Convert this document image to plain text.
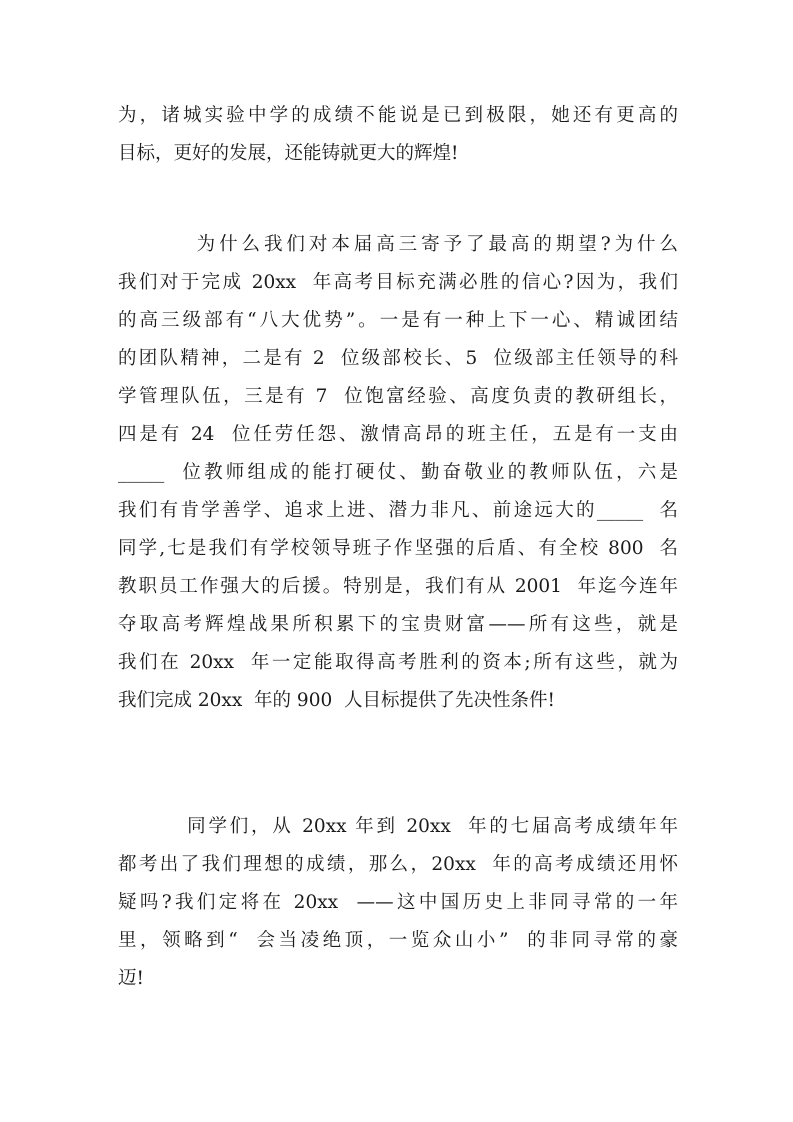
为，诸城实验中学的成绩不能说是已到极限，她还有更高的
目标，更好的发展，还能铸就更大的辉煌!
为什么我们对本届高三寄予了最高的期望?为什么
我们对于完成 20xx  年高考目标充满必胜的信心?因为，我们
的高三级部有“八大优势”。一是有一种上下一心、精诚团结
的团队精神，二是有 2  位级部校长、5  位级部主任领导的科
学管理队伍，三是有 7  位饱富经验、高度负责的教研组长，
四是有 24  位任劳任怨、激情高昂的班主任，五是有一支由
_____  位教师组成的能打硬仗、勤奋敬业的教师队伍，六是
我们有肯学善学、追求上进、潜力非凡、前途远大的_____  名
同学,七是我们有学校领导班子作坚强的后盾、有全校 800  名
教职员工作强大的后援。特别是，我们有从 2001  年迄今连年
夺取高考辉煌战果所积累下的宝贵财富——所有这些，就是
我们在 20xx  年一定能取得高考胜利的资本;所有这些，就为
我们完成 20xx  年的 900  人目标提供了先决性条件!
同学们，从 20xx 年到 20xx  年的七届高考成绩年年
都考出了我们理想的成绩，那么，20xx  年的高考成绩还用怀
疑吗?我们定将在 20xx  ——这中国历史上非同寻常的一年
里，领略到“  会当凌绝顶，一览众山小”  的非同寻常的豪
迈!
